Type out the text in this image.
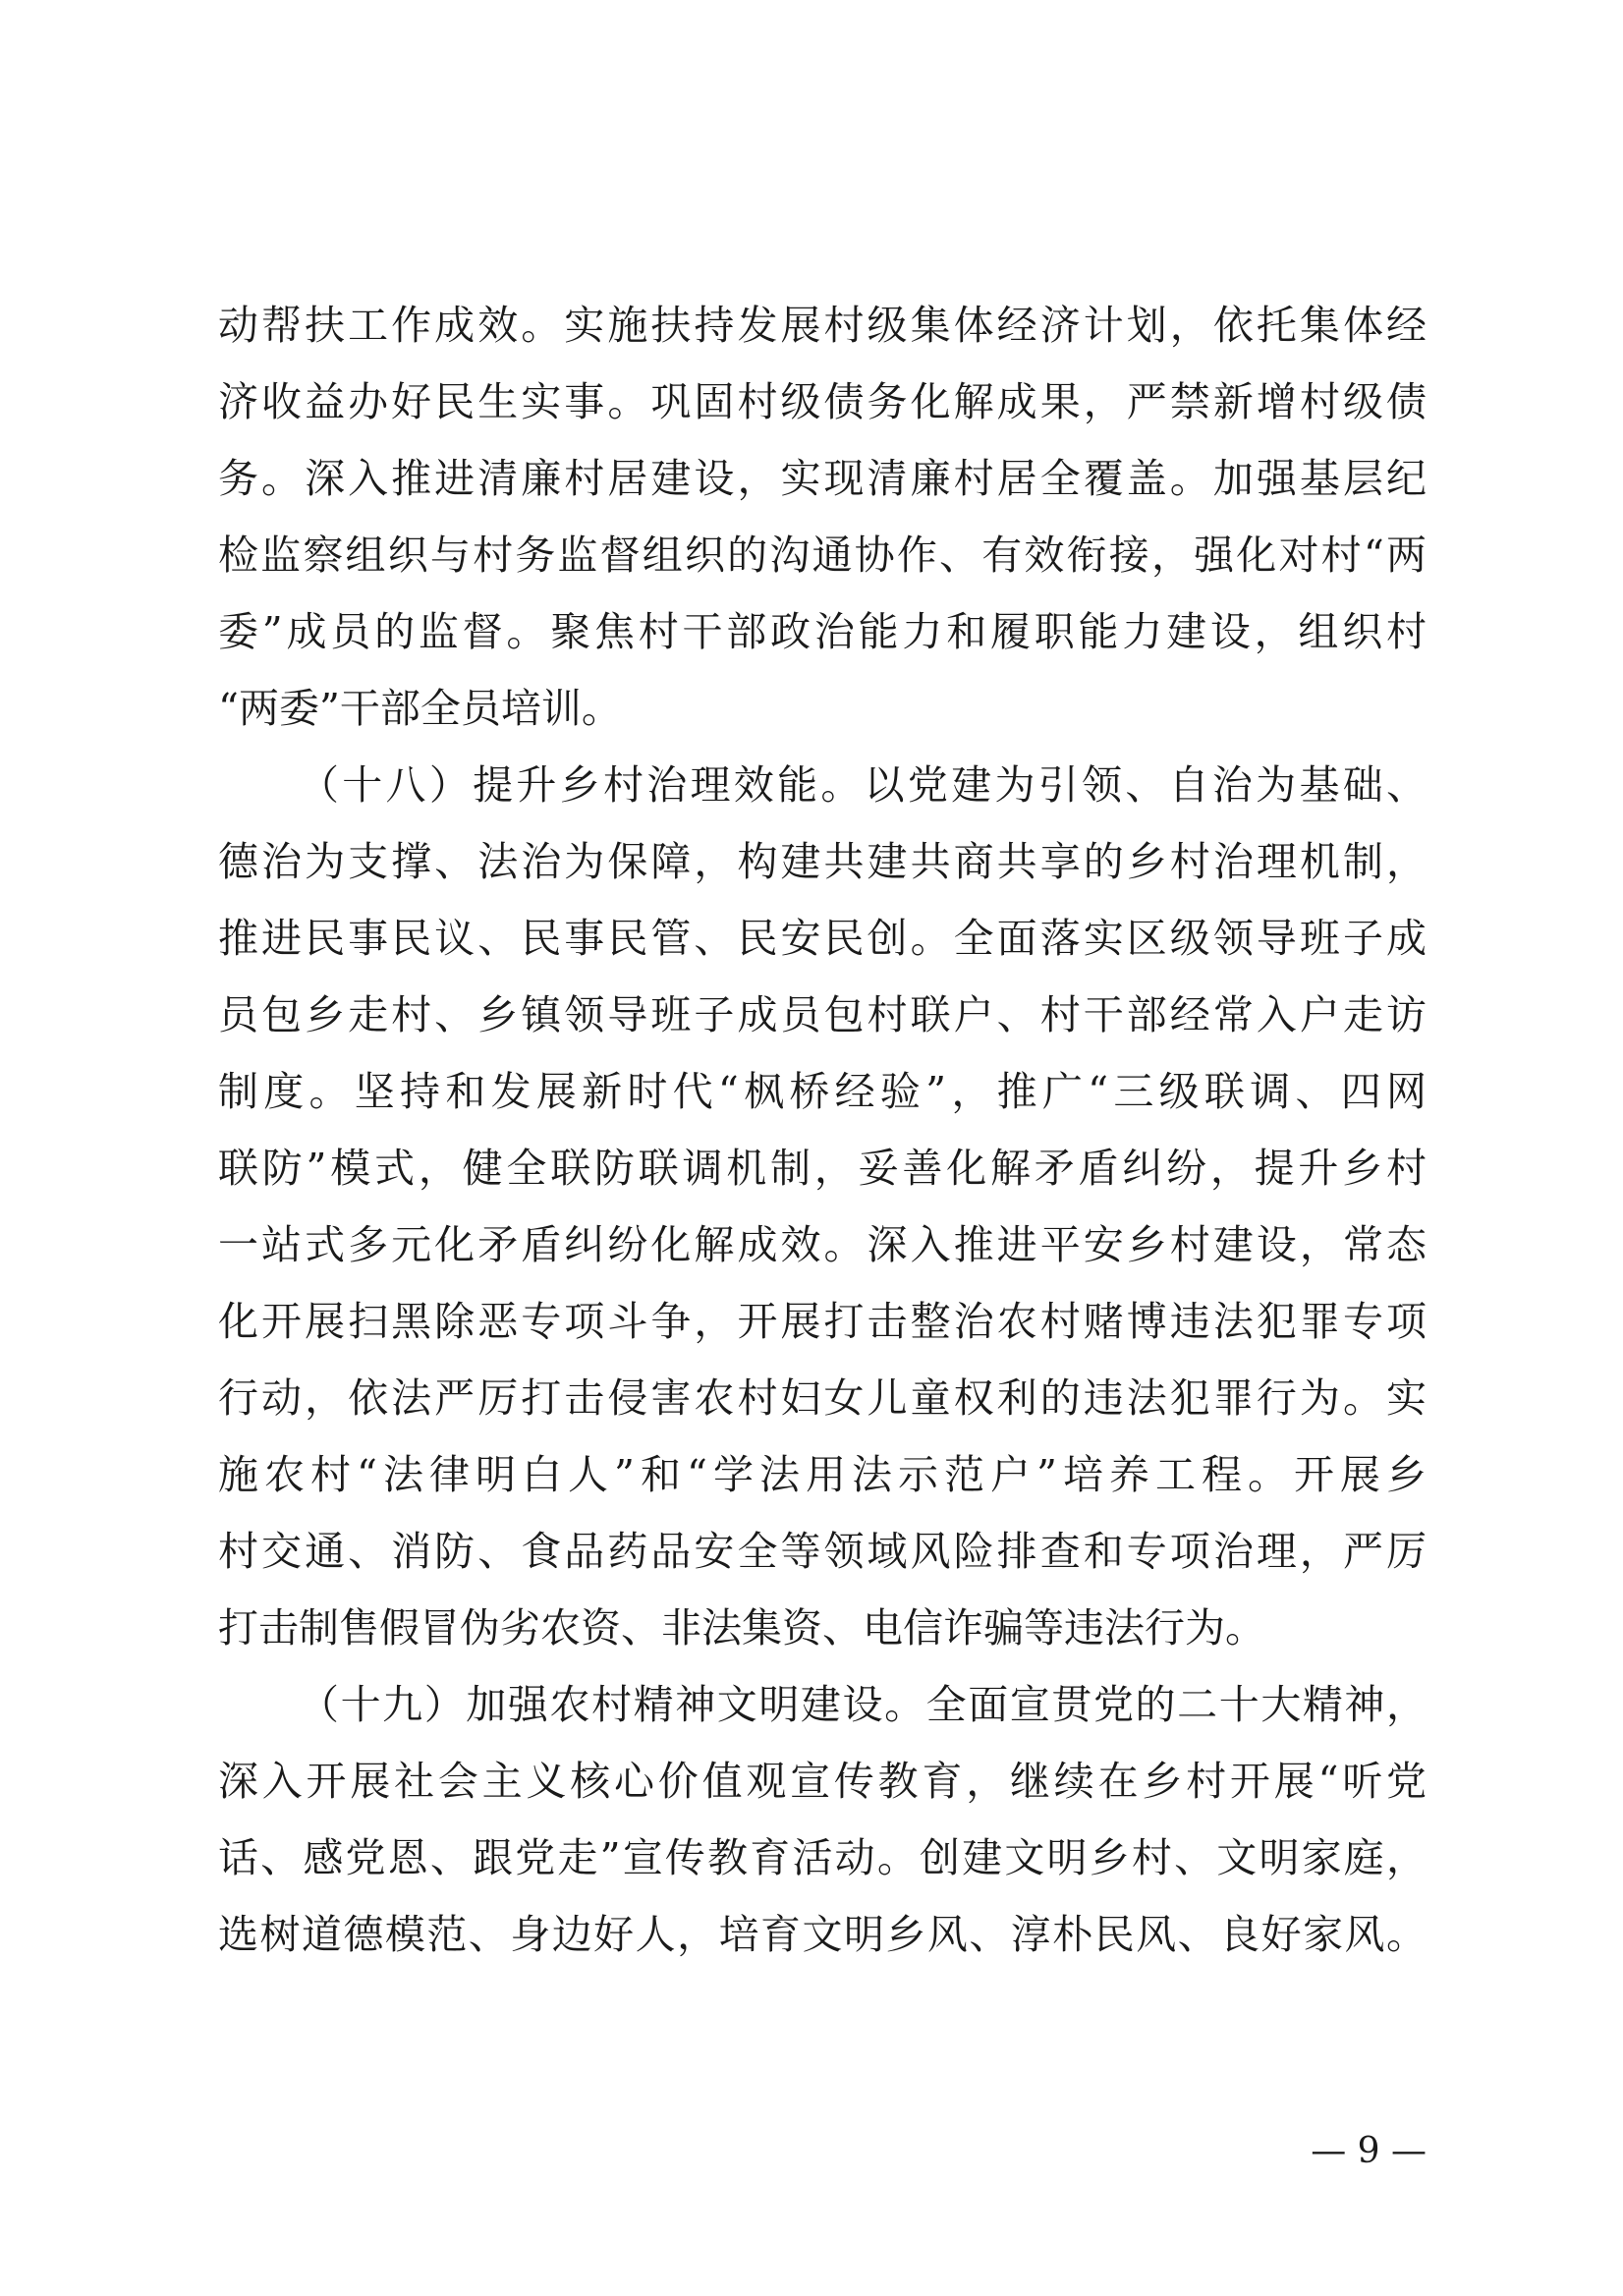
动帮扶工作成效。实施扶持发展村级集体经济计划，依托集体经
济收益办好民生实事。巩固村级债务化解成果，严禁新增村级债
务。深入推进清廉村居建设，实现清廉村居全覆盖。加强基层纪
检监察组织与村务监督组织的沟通协作、有效衔接，强化对村“两
委”成员的监督。聚焦村干部政治能力和履职能力建设，组织村
“两委”干部全员培训。
（十八）提升乡村治理效能。以党建为引领、自治为基础、
德治为支撑、法治为保障，构建共建共商共享的乡村治理机制，
推进民事民议、民事民管、民安民创。全面落实区级领导班子成
员包乡走村、乡镇领导班子成员包村联户、村干部经常入户走访
制度。坚持和发展新时代“枫桥经验”，推广“三级联调、四网
联防”模式，健全联防联调机制，妥善化解矛盾纠纷，提升乡村
一站式多元化矛盾纠纷化解成效。深入推进平安乡村建设，常态
化开展扫黑除恶专项斗争，开展打击整治农村赌博违法犯罪专项
行动，依法严厉打击侵害农村妇女儿童权利的违法犯罪行为。实
施农村“法律明白人”和“学法用法示范户”培养工程。开展乡
村交通、消防、食品药品安全等领域风险排查和专项治理，严厉
打击制售假冒伪劣农资、非法集资、电信诈骗等违法行为。
（十九）加强农村精神文明建设。全面宣贯党的二十大精神，
深入开展社会主义核心价值观宣传教育，继续在乡村开展“听党
话、感党恩、跟党走”宣传教育活动。创建文明乡村、文明家庭，
选树道德模范、身边好人，培育文明乡风、淳朴民风、良好家风。
— 9 —
